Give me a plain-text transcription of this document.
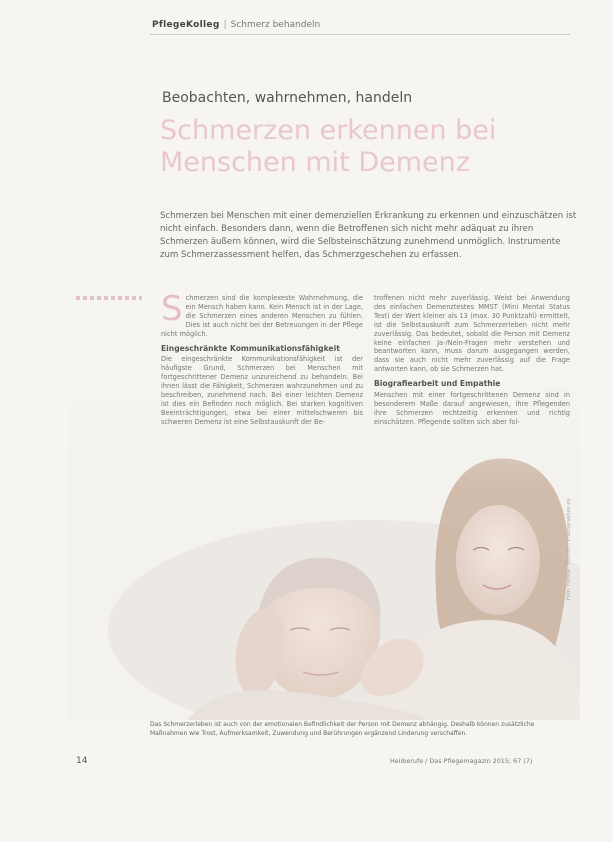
PflegeKolleg | Schmerz behandeln
Beobachten, wahrnehmen, handeln
Schmerzen erkennen bei
Menschen mit Demenz
Schmerzen bei Menschen mit einer demenziellen Erkrankung zu erkennen und einzuschätzen ist nicht einfach. Besonders dann, wenn die Betroffenen sich nicht mehr adäquat zu ihren Schmerzen äußern können, wird die Selbsteinschätzung zunehmend unmöglich. Instrumente zum Schmerzassessment helfen, das Schmerzgeschehen zu erfassen.
S chmerzen sind die komplexeste Wahrnehmung, die ein Mensch haben kann. Kein Mensch ist in der Lage, die Schmerzen eines anderen Menschen zu fühlen. Dies ist auch nicht bei der Betreuungen in der Pflege nicht möglich.

Eingeschränkte Kommunikationsfähigkeit

Die eingeschränkte Kommunikationsfähigkeit ist der häufigste Grund, Schmerzen bei Menschen mit fortgeschrittener Demenz unzureichend zu behandeln. Bei ihnen lässt die Fähigkeit, Schmerzen wahrzunehmen und zu beschreiben, zunehmend nach. Bei einer leichten Demenz ist dies ein Befinden noch möglich. Bei starken kognitiven Beeinträchtigungen, etwa bei einer mittelschweren bis schweren Demenz ist eine Selbstauskunft der Be-

troffenen nicht mehr zuverlässig. Weist bei Anwendung des einfachen Demenztestes MMST (Mini Mental Status Test) der Wert kleiner als 13 (max. 30 Punktzahl) ermittelt, ist die Selbstauskunft zum Schmerzerleben nicht mehr zuverlässig. Das bedeutet, sobald die Person mit Demenz keine einfachen Ja-/Nein-Fragen mehr verstehen und beantworten kann, muss darum ausgegangen werden, dass sie auch nicht mehr zuverlässig auf die Frage antworten kann, ob sie Schmerzen hat.

Biografiearbeit und Empathie

Menschen mit einer fortgeschrittenen Demenz sind in besonderem Maße darauf angewiesen, ihre Pflegenden ihre Schmerzen rechtzeitig erkennen und richtig einschätzen. Pflegende sollten sich aber fol-

Foto: Fotolia · Kzenon / Photographee.eu
Das Schmerzerleben ist auch von der emotionalen Befindlichkeit der Person mit Demenz abhängig. Deshalb können zusätzliche Maßnahmen wie Trost, Aufmerksamkeit, Zuwendung und Berührungen ergänzend Linderung verschaffen.
14	Heilberufe / Das Pflegemagazin 2015; 67 (7)
